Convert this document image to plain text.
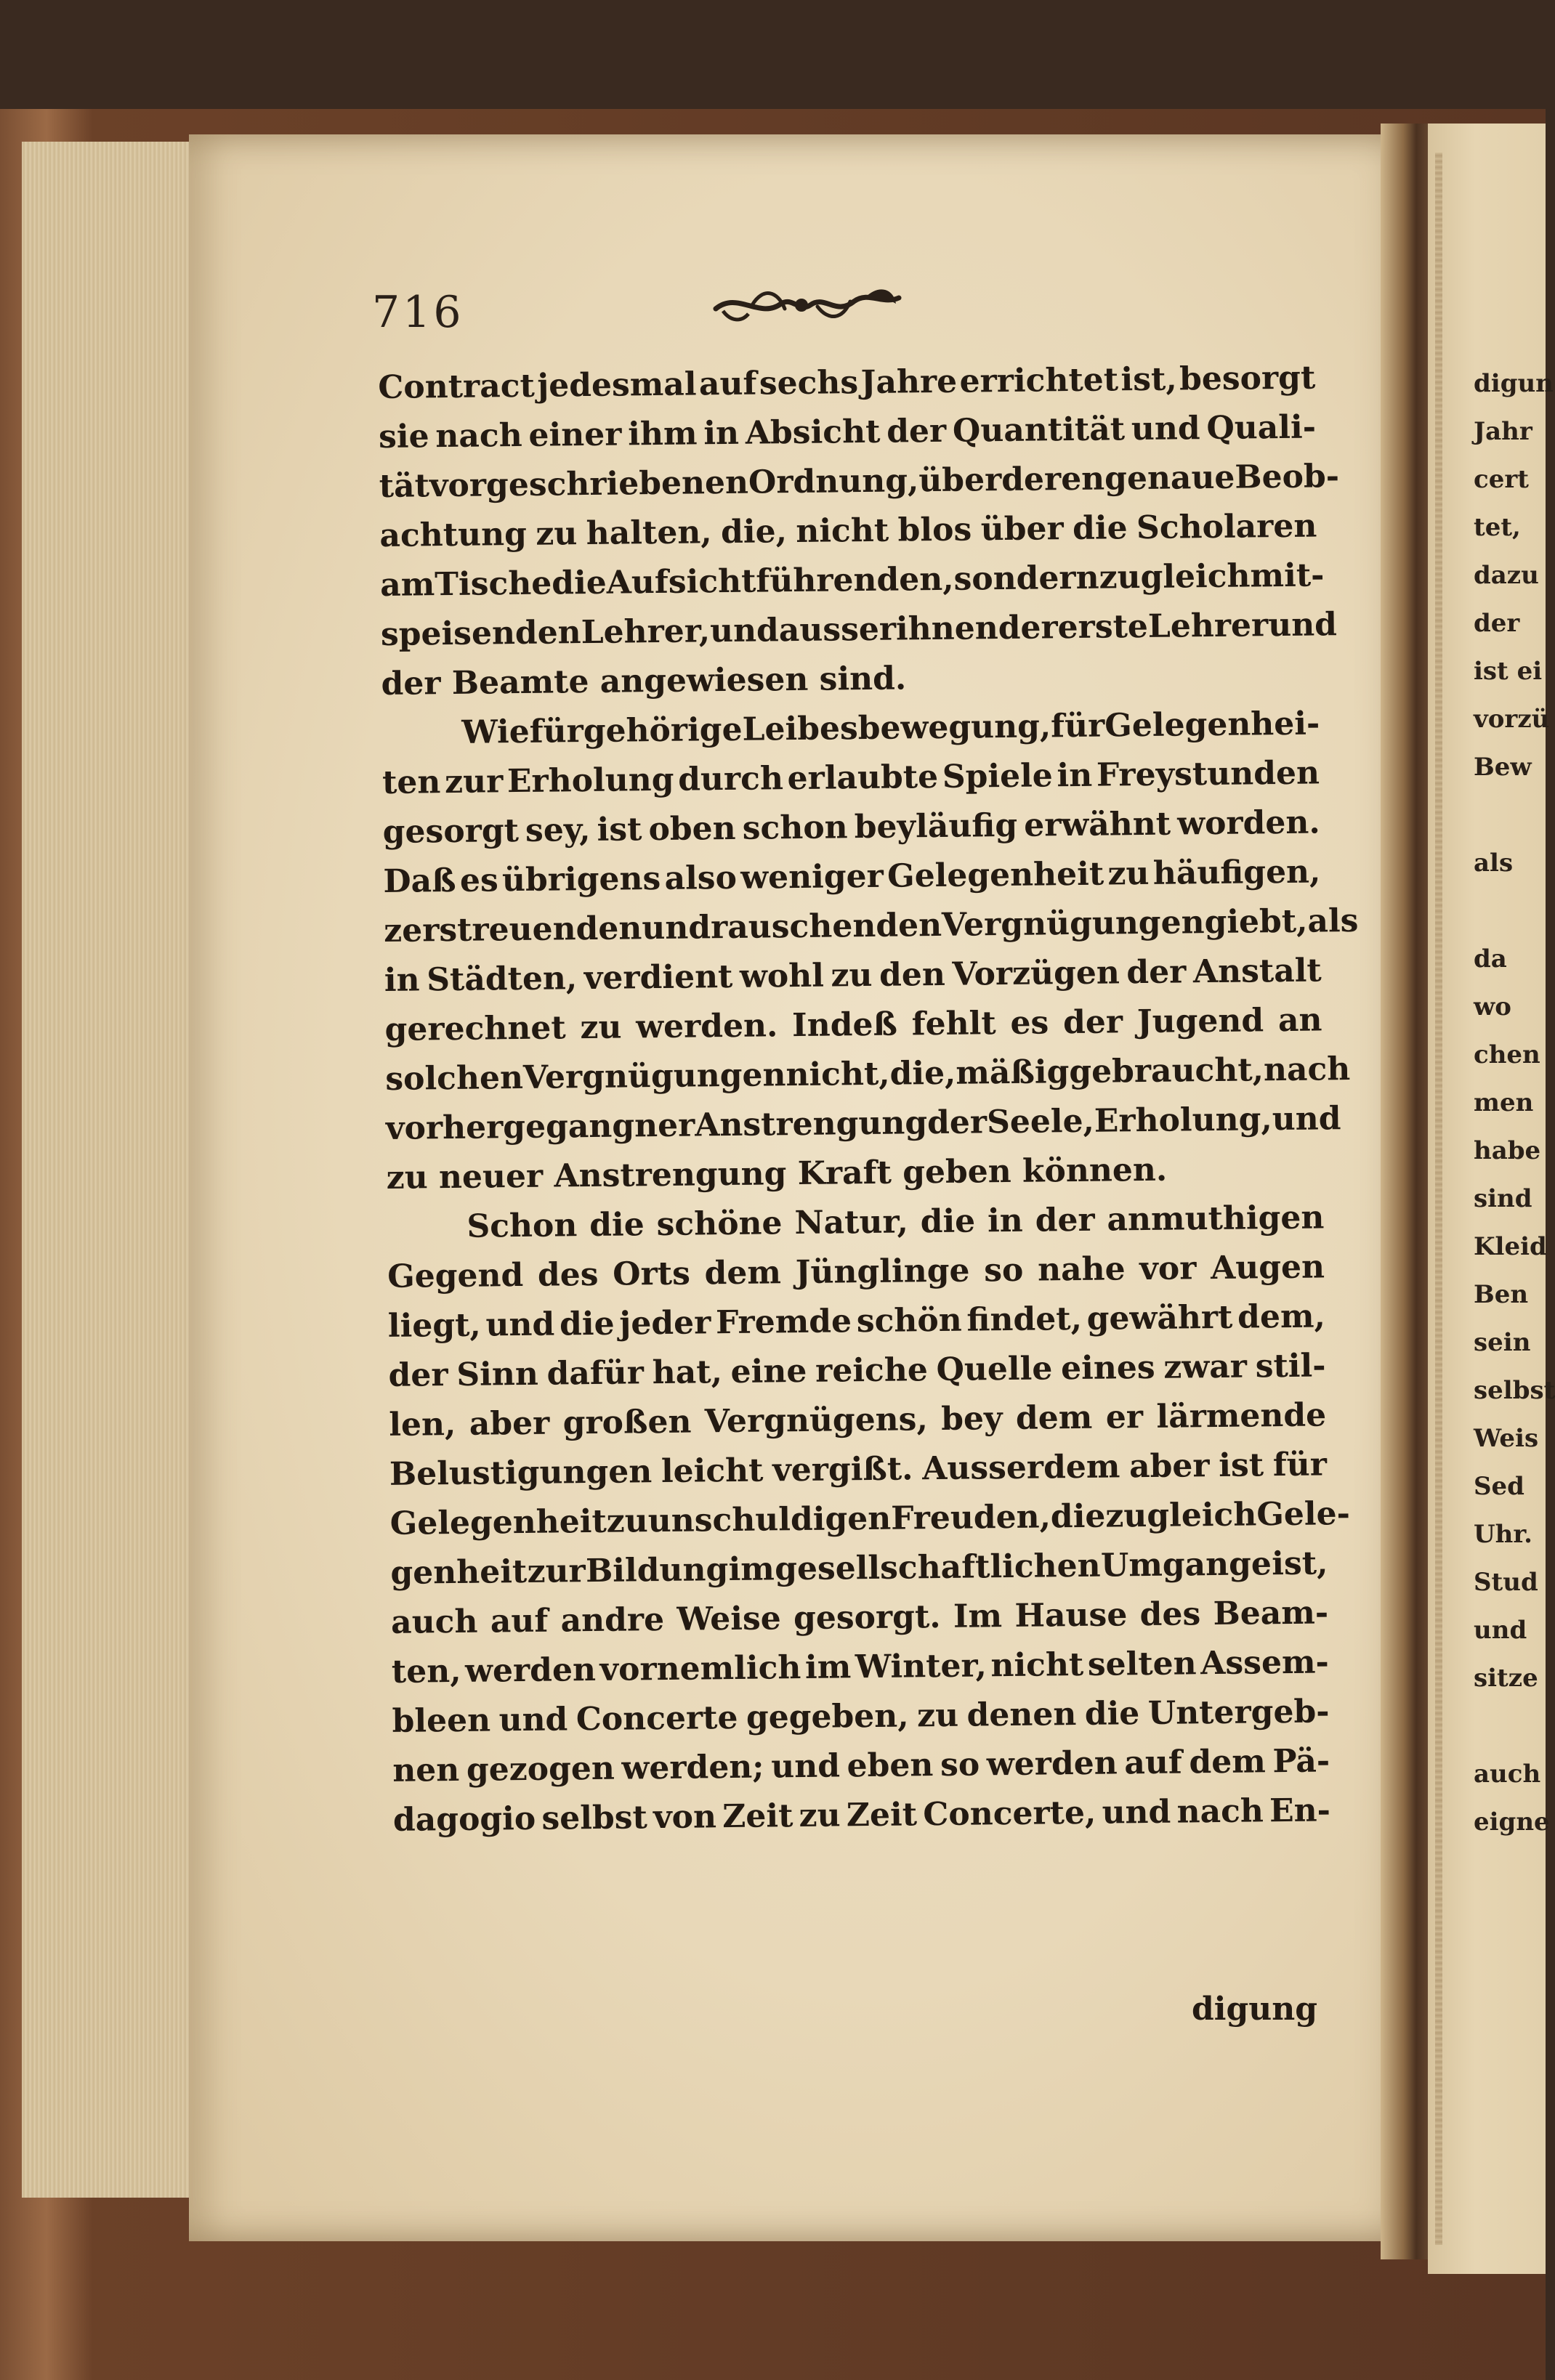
716
Contract jedesmal auf sechs Jahre errichtet ist, besorgt
sie nach einer ihm in Absicht der Quantität und Quali-
tät vorgeschriebenen Ordnung, über deren genaue Beob-
achtung zu halten, die, nicht blos über die Scholaren
am Tische die Aufsicht führenden, sondern zugleich mit-
speisenden Lehrer, und ausser ihnen der erste Lehrer und
der Beamte angewiesen sind.
Wie für gehörige Leibesbewegung, für Gelegenhei-
ten zur Erholung durch erlaubte Spiele in Freystunden
gesorgt sey, ist oben schon beyläufig erwähnt worden.
Daß es übrigens also weniger Gelegenheit zu häufigen,
zerstreuenden und rauschenden Vergnügungen giebt, als
in Städten, verdient wohl zu den Vorzügen der Anstalt
gerechnet zu werden. Indeß fehlt es der Jugend an
solchen Vergnügungen nicht, die, mäßig gebraucht, nach
vorhergegangner Anstrengung der Seele, Erholung, und
zu neuer Anstrengung Kraft geben können.
Schon die schöne Natur, die in der anmuthigen
Gegend des Orts dem Jünglinge so nahe vor Augen
liegt, und die jeder Fremde schön findet, gewährt dem,
der Sinn dafür hat, eine reiche Quelle eines zwar stil-
len, aber großen Vergnügens, bey dem er lärmende
Belustigungen leicht vergißt. Ausserdem aber ist für
Gelegenheit zu unschuldigen Freuden, die zugleich Gele-
genheit zur Bildung im gesellschaftlichen Umgange ist,
auch auf andre Weise gesorgt. Im Hause des Beam-
ten, werden vornemlich im Winter, nicht selten Assem-
bleen und Concerte gegeben, zu denen die Untergeb-
nen gezogen werden; und eben so werden auf dem Pä-
dagogio selbst von Zeit zu Zeit Concerte, und nach En-
digung
digun
Jahr
cert
tet,
dazu
der
ist ei
vorzü
Bew
als
da
wo
chen
men
habe
sind
Kleid
Ben
sein
selbst
Weis
Sed
Uhr.
Stud
und
sitze
auch
eigne
